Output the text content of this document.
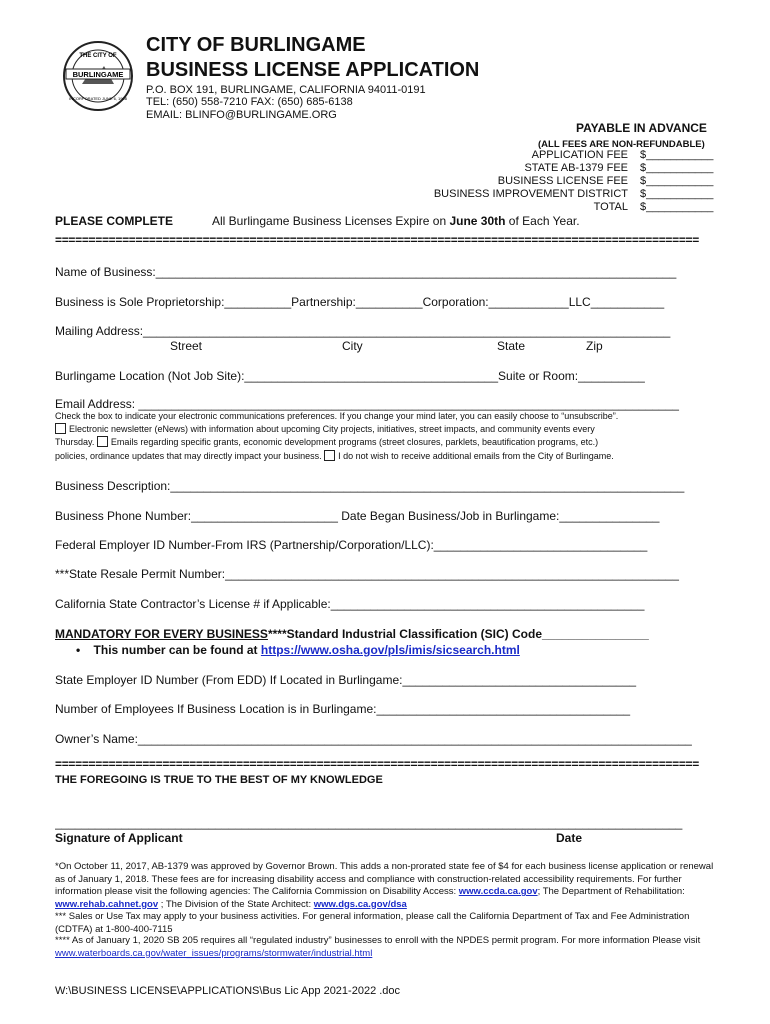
BURLINGAME
THE CITY OF
INCORPORATED JUNE 6, 1908
CITY OF BURLINGAME
BUSINESS LICENSE APPLICATION
P.O. BOX 191, BURLINGAME, CALIFORNIA 94011-0191
TEL: (650) 558-7210 FAX: (650) 685-6138
EMAIL: BLINFO@BURLINGAME.ORG
PAYABLE IN ADVANCE
(ALL FEES ARE NON-REFUNDABLE)
APPLICATION FEE $___________
STATE AB-1379 FEE $___________
BUSINESS LICENSE FEE $___________
BUSINESS IMPROVEMENT DISTRICT $___________
TOTAL $___________
PLEASE COMPLETE	All Burlingame Business Licenses Expire on June 30th of Each Year.
================================================================================================
Name of Business:______________________________________________________________________________
Business is Sole Proprietorship:__________Partnership:__________Corporation:____________LLC___________
Mailing Address:_______________________________________________________________________________
Street	City	State	Zip
Burlingame Location (Not Job Site):______________________________________Suite or Room:__________
Email Address: _________________________________________________________________________________
Check the box to indicate your electronic communications preferences. If you change your mind later, you can easily choose to “unsubscribe”.
Electronic newsletter (eNews) with information about upcoming City projects, initiatives, street impacts, and community events every
Thursday. Emails regarding specific grants, economic development programs (street closures, parklets, beautification programs, etc.)
policies, ordinance updates that may directly impact your business. I do not wish to receive additional emails from the City of Burlingame.
Business Description:_____________________________________________________________________________
Business Phone Number:______________________ Date Began Business/Job in Burlingame:_______________
Federal Employer ID Number-From IRS (Partnership/Corporation/LLC):________________________________
***State Resale Permit Number:____________________________________________________________________
California State Contractor’s License # if Applicable:_______________________________________________
MANDATORY FOR EVERY BUSINESS****Standard Industrial Classification (SIC) Code________________
•    This number can be found at https://www.osha.gov/pls/imis/sicsearch.html
State Employer ID Number (From EDD) If Located in Burlingame:___________________________________
Number of Employees If Business Location is in Burlingame:______________________________________
Owner’s Name:___________________________________________________________________________________
================================================================================================
THE FOREGOING IS TRUE TO THE BEST OF MY KNOWLEDGE
______________________________________________________________________________________________
Signature of Applicant	Date
*On October 11, 2017, AB-1379 was approved by Governor Brown. This adds a non-prorated state fee of $4 for each business license application or renewal as of January 1, 2018. These fees are for increasing disability access and compliance with construction-related accessibility requirements. For further information please visit the following agencies: The California Commission on Disability Access: www.ccda.ca.gov; The Department of Rehabilitation: www.rehab.cahnet.gov ; The Division of the State Architect: www.dgs.ca.gov/dsa
*** Sales or Use Tax may apply to your business activities. For general information, please call the California Department of Tax and Fee Administration (CDTFA) at 1-800-400-7115
**** As of January 1, 2020 SB 205 requires all “regulated industry” businesses to enroll with the NPDES permit program. For more information Please visit www.waterboards.ca.gov/water_issues/programs/stormwater/industrial.html
W:\BUSINESS LICENSE\APPLICATIONS\Bus Lic App 2021-2022 .doc
